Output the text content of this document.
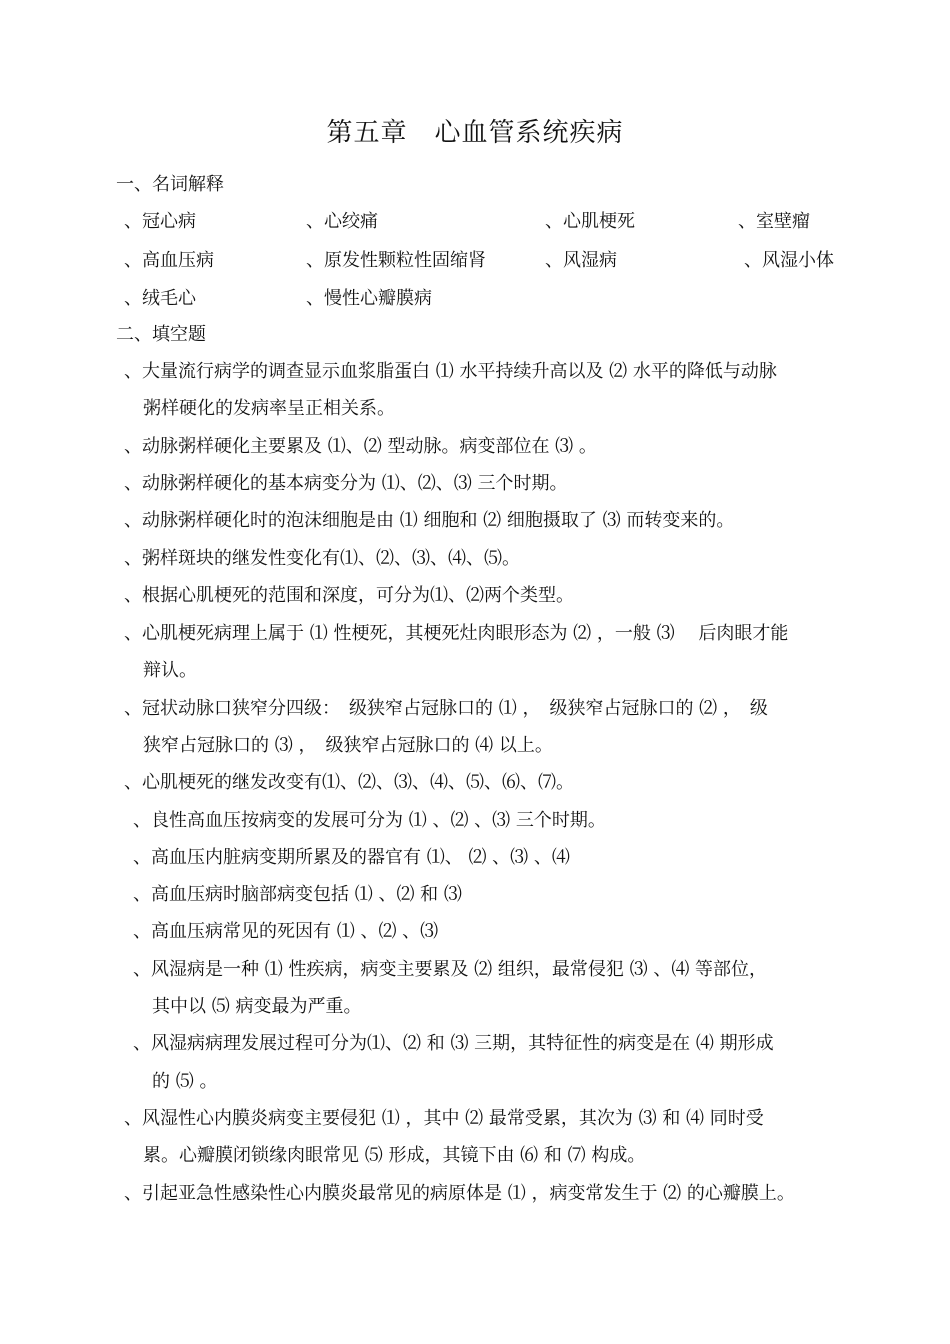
第五章　心血管系统疾病
一、名词解释
、冠心病	、心绞痛	、心肌梗死	、室壁瘤
、高血压病	、原发性颗粒性固缩肾	、风湿病	、风湿小体
、绒毛心	、慢性心瓣膜病
二、填空题
、大量流行病学的调查显示血浆脂蛋白 ⑴ 水平持续升高以及 ⑵ 水平的降低与动脉
粥样硬化的发病率呈正相关系。
、动脉粥样硬化主要累及 ⑴、⑵ 型动脉。病变部位在 ⑶ 。
、动脉粥样硬化的基本病变分为 ⑴、⑵、⑶ 三个时期。
、动脉粥样硬化时的泡沫细胞是由 ⑴ 细胞和 ⑵ 细胞摄取了 ⑶ 而转变来的。
、粥样斑块的继发性变化有⑴、⑵、⑶、⑷、⑸。
、根据心肌梗死的范围和深度，可分为⑴、⑵两个类型。
、心肌梗死病理上属于 ⑴ 性梗死，其梗死灶肉眼形态为 ⑵ ，一般 ⑶　 后肉眼才能
辩认。
、冠状动脉口狭窄分四级：　级狭窄占冠脉口的 ⑴ ，　级狭窄占冠脉口的 ⑵ ，　级
狭窄占冠脉口的 ⑶ ，　级狭窄占冠脉口的 ⑷ 以上。
、心肌梗死的继发改变有⑴、⑵、⑶、⑷、⑸、⑹、⑺。
、良性高血压按病变的发展可分为 ⑴ 、⑵ 、⑶ 三个时期。
、高血压内脏病变期所累及的器官有 ⑴、 ⑵ 、⑶ 、⑷
、高血压病时脑部病变包括 ⑴ 、⑵ 和 ⑶
、高血压病常见的死因有 ⑴ 、⑵ 、⑶
、风湿病是一种 ⑴ 性疾病，病变主要累及 ⑵ 组织，最常侵犯 ⑶ 、⑷ 等部位，
其中以 ⑸ 病变最为严重。
、风湿病病理发展过程可分为⑴、⑵ 和 ⑶ 三期，其特征性的病变是在 ⑷ 期形成
的 ⑸ 。
、风湿性心内膜炎病变主要侵犯 ⑴ ，其中 ⑵ 最常受累，其次为 ⑶ 和 ⑷ 同时受
累。心瓣膜闭锁缘肉眼常见 ⑸ 形成，其镜下由 ⑹ 和 ⑺ 构成。
、引起亚急性感染性心内膜炎最常见的病原体是 ⑴ ，病变常发生于 ⑵ 的心瓣膜上。
